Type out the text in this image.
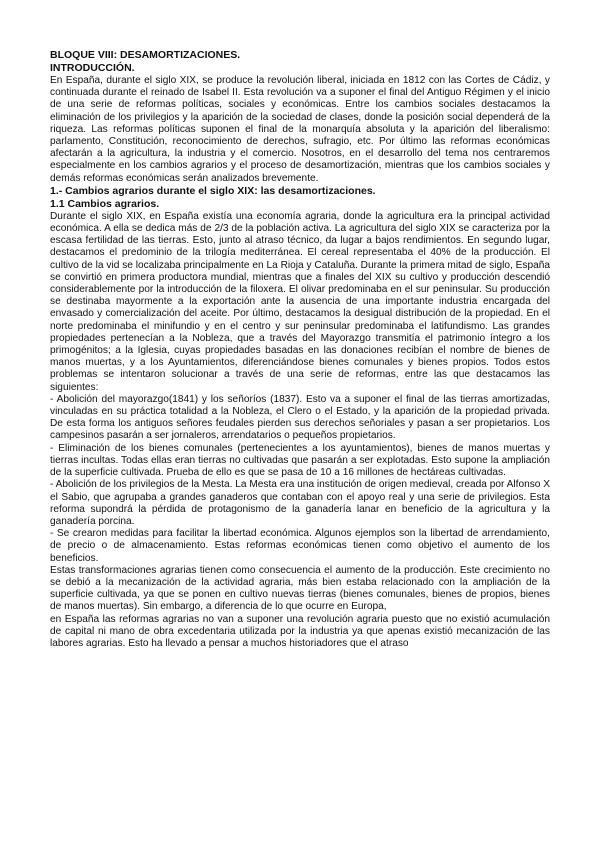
BLOQUE VIII: DESAMORTIZACIONES.
INTRODUCCIÓN.

En España, durante el siglo XIX, se produce la revolución liberal, iniciada en 1812 con las Cortes de Cádiz, y continuada durante el reinado de Isabel II. Esta revolución va a suponer el final del Antiguo Régimen y el inicio de una serie de reformas políticas, sociales y económicas. Entre los cambios sociales destacamos la eliminación de los privilegios y la aparición de la sociedad de clases, donde la posición social dependerá de la riqueza. Las reformas políticas suponen el final de la monarquía absoluta y la aparición del liberalismo: parlamento, Constitución, reconocimiento de derechos, sufragio, etc. Por último las reformas económicas afectarán a la agricultura, la industria y el comercio. Nosotros, en el desarrollo del tema nos centraremos especialmente en los cambios agrarios y el proceso de desamortización, mientras que los cambios sociales y demás reformas económicas serán analizados brevemente.

1.- Cambios agrarios durante el siglo XIX: las desamortizaciones.
1.1 Cambios agrarios.

Durante el siglo XIX, en España existía una economía agraria, donde la agricultura era la principal actividad económica. A ella se dedica más de 2/3 de la población activa. La agricultura del siglo XIX se caracteriza por la escasa fertilidad de las tierras. Esto, junto al atraso técnico, da lugar a bajos rendimientos. En segundo lugar, destacamos el predominio de la trilogía mediterránea. El cereal representaba el 40% de la producción. El cultivo de la vid se localizaba principalmente en La Rioja y Cataluña. Durante la primera mitad de siglo, España se convirtió en primera productora mundial, mientras que a finales del XIX su cultivo y producción descendió considerablemente por la introducción de la filoxera. El olivar predominaba en el sur peninsular. Su producción se destinaba mayormente a la exportación ante la ausencia de una importante industria encargada del envasado y comercialización del aceite. Por último, destacamos la desigual distribución de la propiedad. En el norte predominaba el minifundio y en el centro y sur peninsular predominaba el latifundismo. Las grandes propiedades pertenecían a la Nobleza, que a través del Mayorazgo transmitía el patrimonio íntegro a los primogénitos; a la Iglesia, cuyas propiedades basadas en las donaciones recibían el nombre de bienes de manos muertas, y a los Ayuntamientos, diferenciándose bienes comunales y bienes propios. Todos estos problemas se intentaron solucionar a través de una serie de reformas, entre las que destacamos las siguientes:

- Abolición del mayorazgo(1841) y los señoríos (1837). Esto va a suponer el final de las tierras amortizadas, vinculadas en su práctica totalidad a la Nobleza, el Clero o el Estado, y la aparición de la propiedad privada. De esta forma los antiguos señores feudales pierden sus derechos señoriales y pasan a ser propietarios. Los campesinos pasarán a ser jornaleros, arrendatarios o pequeños propietarios.

- Eliminación de los bienes comunales (pertenecientes a los ayuntamientos), bienes de manos muertas y tierras incultas. Todas ellas eran tierras no cultivadas que pasarán a ser explotadas. Esto supone la ampliación de la superficie cultivada. Prueba de ello es que se pasa de 10 a 16 millones de hectáreas cultivadas.

- Abolición de los privilegios de la Mesta. La Mesta era una institución de origen medieval, creada por Alfonso X el Sabio, que agrupaba a grandes ganaderos que contaban con el apoyo real y una serie de privilegios. Esta reforma supondrá la pérdida de protagonismo de la ganadería lanar en beneficio de la agricultura y la ganadería porcina.

- Se crearon medidas para facilitar la libertad económica. Algunos ejemplos son la libertad de arrendamiento, de precio o de almacenamiento. Estas reformas económicas tienen como objetivo el aumento de los beneficios.

Estas transformaciones agrarias tienen como consecuencia el aumento de la producción. Este crecimiento no se debió a la mecanización de la actividad agraria, más bien estaba relacionado con la ampliación de la superficie cultivada, ya que se ponen en cultivo nuevas tierras (bienes comunales, bienes de propios, bienes de manos muertas). Sin embargo, a diferencia de lo que ocurre en Europa,

en España las reformas agrarias no van a suponer una revolución agraria puesto que no existió acumulación de capital ni mano de obra excedentaria utilizada por la industria ya que apenas existió mecanización de las labores agrarias. Esto ha llevado a pensar a muchos historiadores que el atraso
